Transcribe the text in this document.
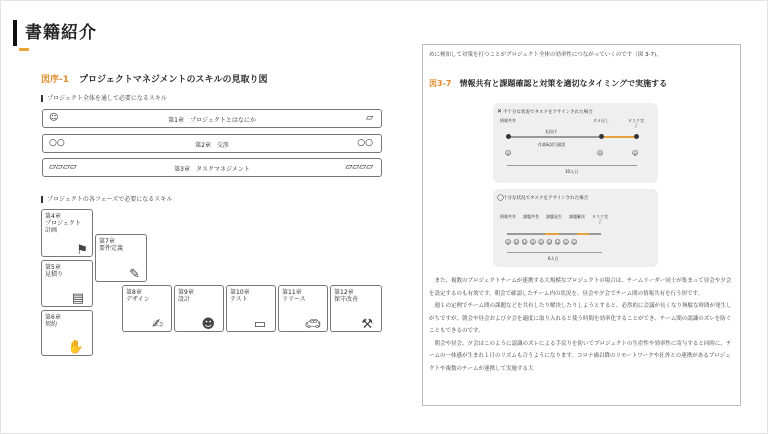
書籍紹介
図序-1 プロジェクトマネジメントのスキルの見取り図
プロジェクト全体を通して必要になるスキル
☺	第1章　プロジェクトとはなにか	▱
○○	第2章　交渉	○○
▱▱▱▱	第3章　タスクマネジメント	▱▱▱▱
プロジェクトの各フェーズで必要になるスキル
第4章
プロジェクト計画
⚑
第5章
見積り
▤
第6章
契約
✋
第7章
要件定義
✎
第8章
デザイン
✍
第9章
設計
☻
第10章
テスト
▭
第11章
リリース
🚗︎
第12章
保守改善
⚒
めに検知して対策を打つことがプロジェクト全体の効率性につながっていくのです（図 3-7)。
図3-7 情報共有と課題確認と対策を適切なタイミングで実施する
✕ 不十分な状況でタスクをアサインされた場合
情報共有	ダメ出し	タスク完了
丸投げ
作業&試行錯誤
☺	☹	☺
10人日
◯ 十分な状況でタスクをアサインされた場合
情報共有 課題共有 課題発生 課題解決 タスク完了
☺☺☺☺☺☺☺☺☺
6人日

また、複数のプロジェクトチームが連携する大規模なプロジェクトの場合は、チームリーダー同士が集まって昼会や夕会を設定するのも有効です。朝会で確認したチーム内の状況を、昼会や夕会でチーム間の情報共有を行う形です。

週１の定例でチーム間の課題などを共有したり解決したりしようとすると、必然的に会議が長くなり無駄な時間が発生しがちですが、朝会や昼会および夕会を適度に取り入れると使う時間を効率化することができ、チーム間の認識のズレを防ぐこともできるのです。

朝会や昼会、夕会はこのように認識のズレによる手戻りを防いでプロジェクトの生産性や効率性に寄与すると同時に、チームの一体感が生まれ１日のリズムも合うようになります。コロナ禍以降のリモートワークや社外との連携があるプロジェクトや複数のチームが連携して実施する大
